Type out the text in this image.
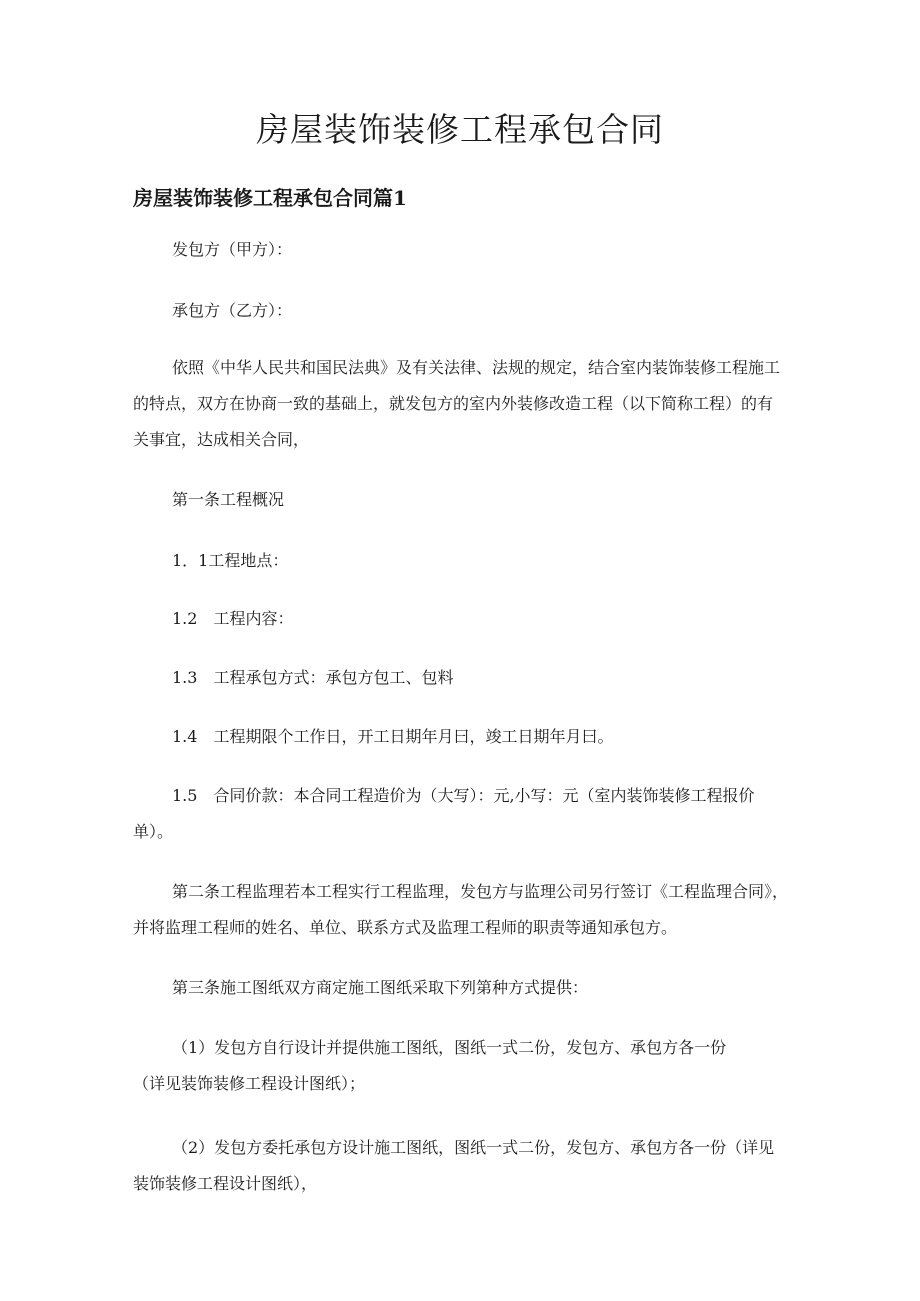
房屋装饰装修工程承包合同
房屋装饰装修工程承包合同篇1

发包方（甲方）：

承包方（乙方）：

依照《中华人民共和国民法典》及有关法律、法规的规定，结合室内装饰装修工程施工的特点，双方在协商一致的基础上，就发包方的室内外装修改造工程（以下简称工程）的有关事宜，达成相关合同，

第一条工程概况

1．1工程地点：

1.2　工程内容：

1.3　工程承包方式：承包方包工、包料

1.4　工程期限个工作日，开工日期年月曰，竣工日期年月曰。

1.5　合同价款：本合同工程造价为（大写）：元,小写：元（室内装饰装修工程报价单）。

第二条工程监理若本工程实行工程监理，发包方与监理公司另行签订《工程监理合同》，并将监理工程师的姓名、单位、联系方式及监理工程师的职责等通知承包方。

第三条施工图纸双方商定施工图纸采取下列第种方式提供：

（1）发包方自行设计并提供施工图纸，图纸一式二份，发包方、承包方各一份（详见装饰装修工程设计图纸）；

（2）发包方委托承包方设计施工图纸，图纸一式二份，发包方、承包方各一份（详见装饰装修工程设计图纸），
